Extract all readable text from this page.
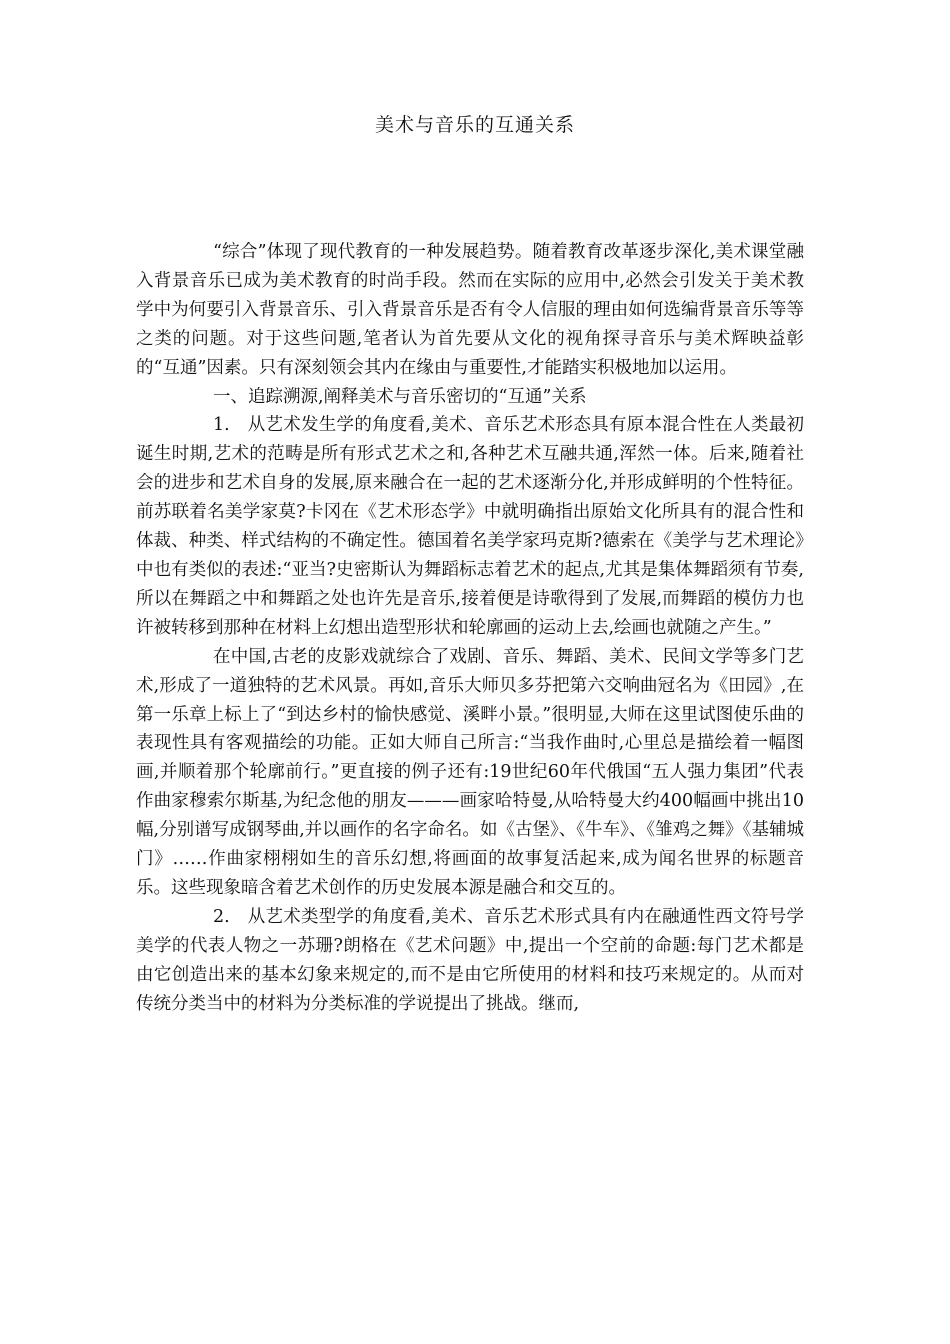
美术与音乐的互通关系

“综合”体现了现代教育的一种发展趋势。随着教育改革逐步深化,美术课堂融入背景音乐已成为美术教育的时尚手段。然而在实际的应用中,必然会引发关于美术教学中为何要引入背景音乐、引入背景音乐是否有令人信服的理由如何选编背景音乐等等之类的问题。对于这些问题,笔者认为首先要从文化的视角探寻音乐与美术辉映益彰的“互通”因素。只有深刻领会其内在缘由与重要性,才能踏实积极地加以运用。

一、追踪溯源,阐释美术与音乐密切的“互通”关系

1.　从艺术发生学的角度看,美术、音乐艺术形态具有原本混合性在人类最初诞生时期,艺术的范畴是所有形式艺术之和,各种艺术互融共通,浑然一体。后来,随着社会的进步和艺术自身的发展,原来融合在一起的艺术逐渐分化,并形成鲜明的个性特征。前苏联着名美学家莫?卡冈在《艺术形态学》中就明确指出原始文化所具有的混合性和体裁、种类、样式结构的不确定性。德国着名美学家玛克斯?德索在《美学与艺术理论》中也有类似的表述:“亚当?史密斯认为舞蹈标志着艺术的起点,尤其是集体舞蹈须有节奏,所以在舞蹈之中和舞蹈之处也许先是音乐,接着便是诗歌得到了发展,而舞蹈的模仿力也许被转移到那种在材料上幻想出造型形状和轮廓画的运动上去,绘画也就随之产生。”

在中国,古老的皮影戏就综合了戏剧、音乐、舞蹈、美术、民间文学等多门艺术,形成了一道独特的艺术风景。再如,音乐大师贝多芬把第六交响曲冠名为《田园》,在第一乐章上标上了“到达乡村的愉快感觉、溪畔小景。”很明显,大师在这里试图使乐曲的表现性具有客观描绘的功能。正如大师自己所言:“当我作曲时,心里总是描绘着一幅图画,并顺着那个轮廓前行。”更直接的例子还有:19世纪60年代俄国“五人强力集团”代表作曲家穆索尔斯基,为纪念他的朋友———画家哈特曼,从哈特曼大约400幅画中挑出10幅,分别谱写成钢琴曲,并以画作的名字命名。如《古堡》、《牛车》、《雏鸡之舞》《基辅城门》……作曲家栩栩如生的音乐幻想,将画面的故事复活起来,成为闻名世界的标题音乐。这些现象暗含着艺术创作的历史发展本源是融合和交互的。

2.　从艺术类型学的角度看,美术、音乐艺术形式具有内在融通性西文符号学美学的代表人物之一苏珊?朗格在《艺术问题》中,提出一个空前的命题:每门艺术都是由它创造出来的基本幻象来规定的,而不是由它所使用的材料和技巧来规定的。从而对传统分类当中的材料为分类标准的学说提出了挑战。继而,
